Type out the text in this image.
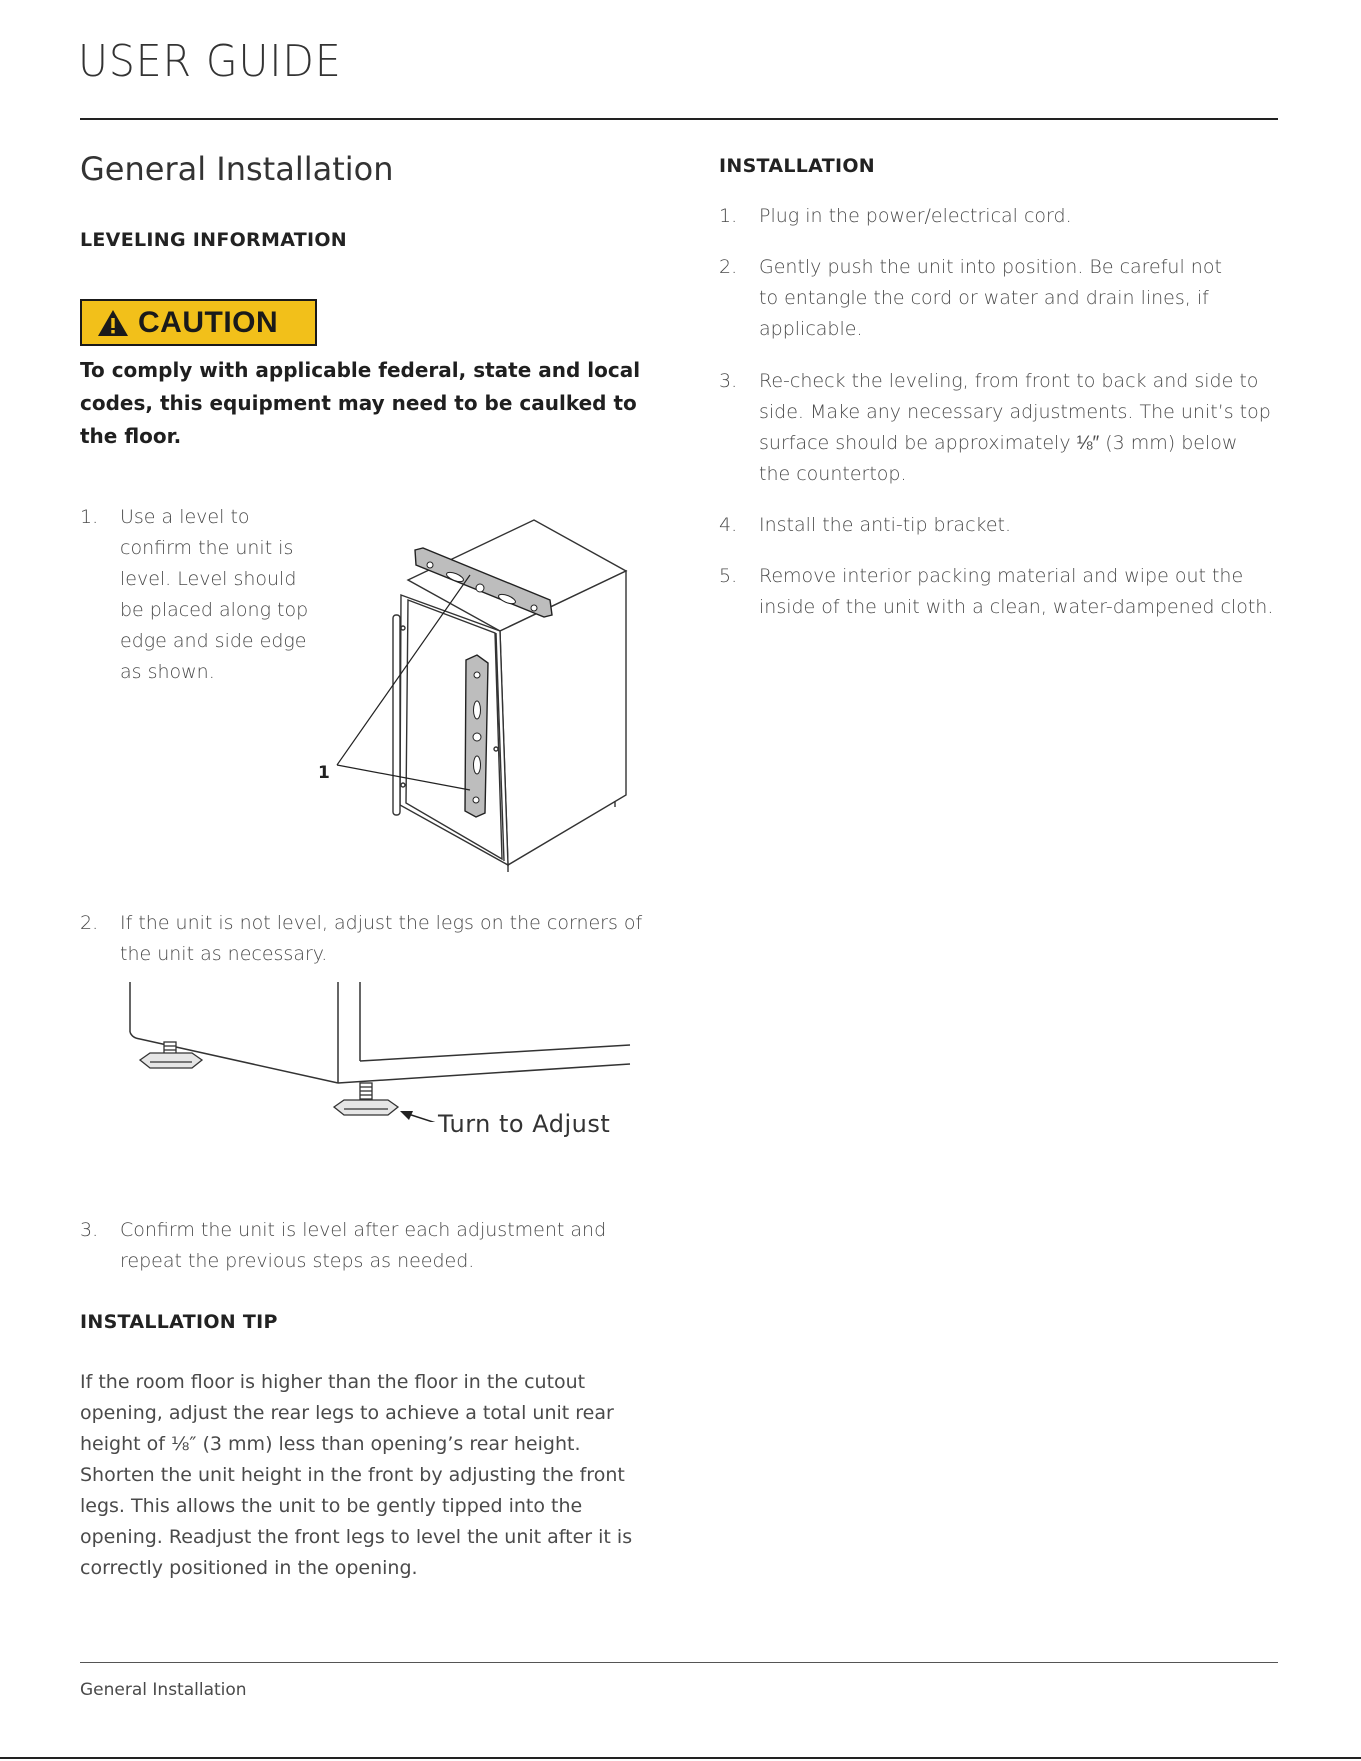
USER GUIDE
General Installation
LEVELING INFORMATION
CAUTION
To comply with applicable federal, state and local codes, this equipment may need to be caulked to the floor.
1. Use a level to
confirm the unit is
level. Level should
be placed along top
edge and side edge
as shown.
1
2. If the unit is not level, adjust the legs on the corners of
the unit as necessary.
Turn to Adjust
3. Confirm the unit is level after each adjustment and
repeat the previous steps as needed.
INSTALLATION TIP
If the room floor is higher than the floor in the cutout
opening, adjust the rear legs to achieve a total unit rear
height of ⅛″ (3 mm) less than opening’s rear height.
Shorten the unit height in the front by adjusting the front
legs. This allows the unit to be gently tipped into the
opening. Readjust the front legs to level the unit after it is
correctly positioned in the opening.
INSTALLATION
1. Plug in the power/electrical cord.
2. Gently push the unit into position. Be careful not
to entangle the cord or water and drain lines, if
applicable.
3. Re-check the leveling, from front to back and side to
side. Make any necessary adjustments. The unit’s top
surface should be approximately ⅛″ (3 mm) below
the countertop.
4. Install the anti-tip bracket.
5. Remove interior packing material and wipe out the
inside of the unit with a clean, water-dampened cloth.
General Installation
